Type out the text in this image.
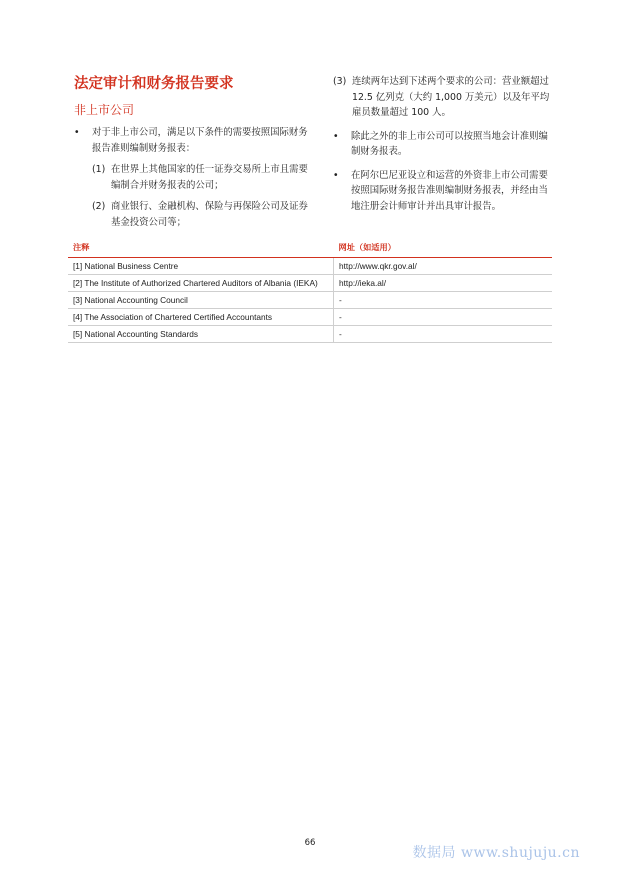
法定审计和财务报告要求
非上市公司
• 对于非上市公司，满足以下条件的需要按照国际财务报告准则编制财务报表：
(1) 在世界上其他国家的任一证券交易所上市且需要编制合并财务报表的公司；
(2) 商业银行、金融机构、保险与再保险公司及证券基金投资公司等；
(3) 连续两年达到下述两个要求的公司：营业额超过 12.5 亿列克（大约 1,000 万美元）以及年平均雇员数量超过 100 人。
• 除此之外的非上市公司可以按照当地会计准则编制财务报表。
• 在阿尔巴尼亚设立和运营的外资非上市公司需要按照国际财务报告准则编制财务报表，并经由当地注册会计师审计并出具审计报告。
注释	网址（如适用）
[1] National Business Centre	http://www.qkr.gov.al/
[2] The Institute of Authorized Chartered Auditors of Albania (IEKA)	http://ieka.al/
[3] National Accounting Council	-
[4] The Association of Chartered Certified Accountants	-
[5] National Accounting Standards	-
66
数据局 www.shujuju.cn
